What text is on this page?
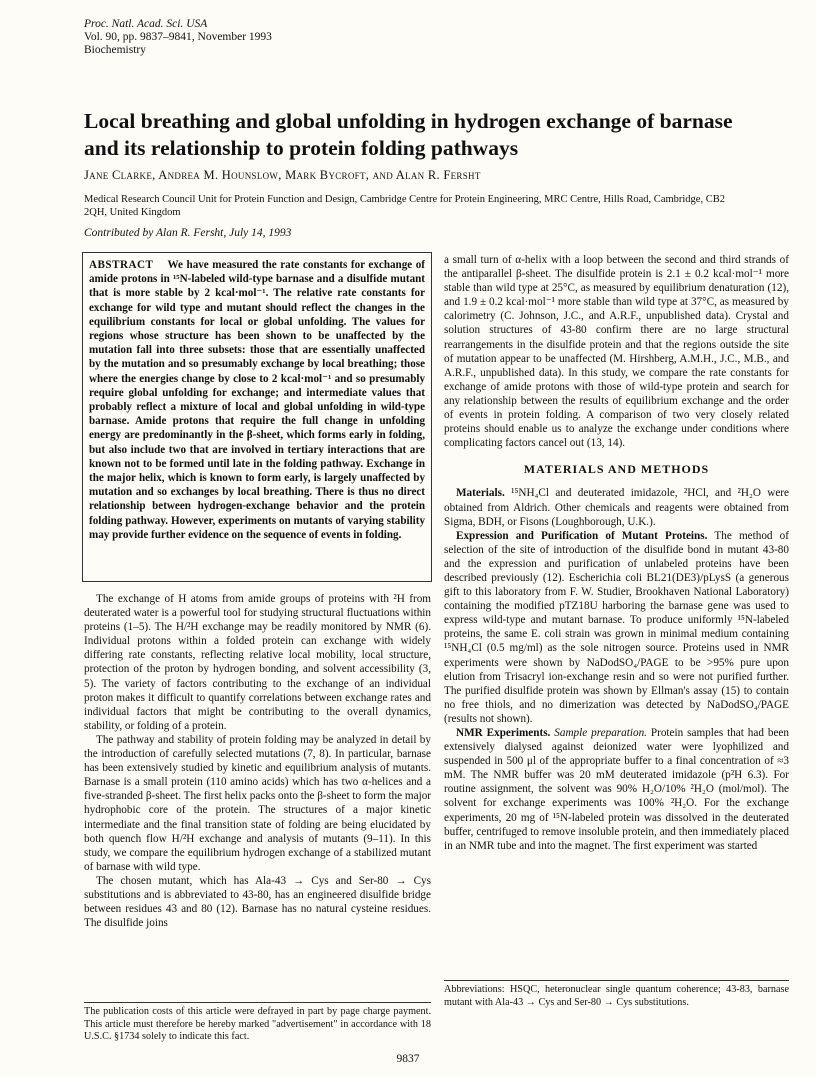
Proc. Natl. Acad. Sci. USA
Vol. 90, pp. 9837–9841, November 1993
Biochemistry
Local breathing and global unfolding in hydrogen exchange of barnase and its relationship to protein folding pathways
Jane Clarke, Andrea M. Hounslow, Mark Bycroft, and Alan R. Fersht
Medical Research Council Unit for Protein Function and Design, Cambridge Centre for Protein Engineering, MRC Centre, Hills Road, Cambridge, CB2 2QH, United Kingdom
Contributed by Alan R. Fersht, July 14, 1993
ABSTRACT We have measured the rate constants for exchange of amide protons in ¹⁵N-labeled wild-type barnase and a disulfide mutant that is more stable by 2 kcal·mol⁻¹. The relative rate constants for exchange for wild type and mutant should reflect the changes in the equilibrium constants for local or global unfolding. The values for regions whose structure has been shown to be unaffected by the mutation fall into three subsets: those that are essentially unaffected by the mutation and so presumably exchange by local breathing; those where the energies change by close to 2 kcal·mol⁻¹ and so presumably require global unfolding for exchange; and intermediate values that probably reflect a mixture of local and global unfolding in wild-type barnase. Amide protons that require the full change in unfolding energy are predominantly in the β-sheet, which forms early in folding, but also include two that are involved in tertiary interactions that are known not to be formed until late in the folding pathway. Exchange in the major helix, which is known to form early, is largely unaffected by mutation and so exchanges by local breathing. There is thus no direct relationship between hydrogen-exchange behavior and the protein folding pathway. However, experiments on mutants of varying stability may provide further evidence on the sequence of events in folding.

The exchange of H atoms from amide groups of proteins with ²H from deuterated water is a powerful tool for studying structural fluctuations within proteins (1–5). The H/²H exchange may be readily monitored by NMR (6). Individual protons within a folded protein can exchange with widely differing rate constants, reflecting relative local mobility, local structure, protection of the proton by hydrogen bonding, and solvent accessibility (3, 5). The variety of factors contributing to the exchange of an individual proton makes it difficult to quantify correlations between exchange rates and individual factors that might be contributing to the overall dynamics, stability, or folding of a protein.

The pathway and stability of protein folding may be analyzed in detail by the introduction of carefully selected mutations (7, 8). In particular, barnase has been extensively studied by kinetic and equilibrium analysis of mutants. Barnase is a small protein (110 amino acids) which has two α-helices and a five-stranded β-sheet. The first helix packs onto the β-sheet to form the major hydrophobic core of the protein. The structures of a major kinetic intermediate and the final transition state of folding are being elucidated by both quench flow H/²H exchange and analysis of mutants (9–11). In this study, we compare the equilibrium hydrogen exchange of a stabilized mutant of barnase with wild type.

The chosen mutant, which has Ala-43 → Cys and Ser-80 → Cys substitutions and is abbreviated to 43-80, has an engineered disulfide bridge between residues 43 and 80 (12). Barnase has no natural cysteine residues. The disulfide joins

a small turn of α-helix with a loop between the second and third strands of the antiparallel β-sheet. The disulfide protein is 2.1 ± 0.2 kcal·mol⁻¹ more stable than wild type at 25°C, as measured by equilibrium denaturation (12), and 1.9 ± 0.2 kcal·mol⁻¹ more stable than wild type at 37°C, as measured by calorimetry (C. Johnson, J.C., and A.R.F., unpublished data). Crystal and solution structures of 43-80 confirm there are no large structural rearrangements in the disulfide protein and that the regions outside the site of mutation appear to be unaffected (M. Hirshberg, A.M.H., J.C., M.B., and A.R.F., unpublished data). In this study, we compare the rate constants for exchange of amide protons with those of wild-type protein and search for any relationship between the results of equilibrium exchange and the order of events in protein folding. A comparison of two very closely related proteins should enable us to analyze the exchange under conditions where complicating factors cancel out (13, 14).

MATERIALS AND METHODS

Materials. ¹⁵NH₄Cl and deuterated imidazole, ²HCl, and ²H₂O were obtained from Aldrich. Other chemicals and reagents were obtained from Sigma, BDH, or Fisons (Loughborough, U.K.).

Expression and Purification of Mutant Proteins. The method of selection of the site of introduction of the disulfide bond in mutant 43-80 and the expression and purification of unlabeled proteins have been described previously (12). Escherichia coli BL21(DE3)/pLysS (a generous gift to this laboratory from F. W. Studier, Brookhaven National Laboratory) containing the modified pTZ18U harboring the barnase gene was used to express wild-type and mutant barnase. To produce uniformly ¹⁵N-labeled proteins, the same E. coli strain was grown in minimal medium containing ¹⁵NH₄Cl (0.5 mg/ml) as the sole nitrogen source. Proteins used in NMR experiments were shown by NaDodSO₄/PAGE to be >95% pure upon elution from Trisacryl ion-exchange resin and so were not purified further. The purified disulfide protein was shown by Ellman's assay (15) to contain no free thiols, and no dimerization was detected by NaDodSO₄/PAGE (results not shown).

NMR Experiments. Sample preparation. Protein samples that had been extensively dialysed against deionized water were lyophilized and suspended in 500 μl of the appropriate buffer to a final concentration of ≈3 mM. The NMR buffer was 20 mM deuterated imidazole (p²H 6.3). For routine assignment, the solvent was 90% H₂O/10% ²H₂O (mol/mol). The solvent for exchange experiments was 100% ²H₂O. For the exchange experiments, 20 mg of ¹⁵N-labeled protein was dissolved in the deuterated buffer, centrifuged to remove insoluble protein, and then immediately placed in an NMR tube and into the magnet. The first experiment was started

Abbreviations: HSQC, heteronuclear single quantum coherence; 43-83, barnase mutant with Ala-43 → Cys and Ser-80 → Cys substitutions.
The publication costs of this article were defrayed in part by page charge payment. This article must therefore be hereby marked "advertisement" in accordance with 18 U.S.C. §1734 solely to indicate this fact.
9837
